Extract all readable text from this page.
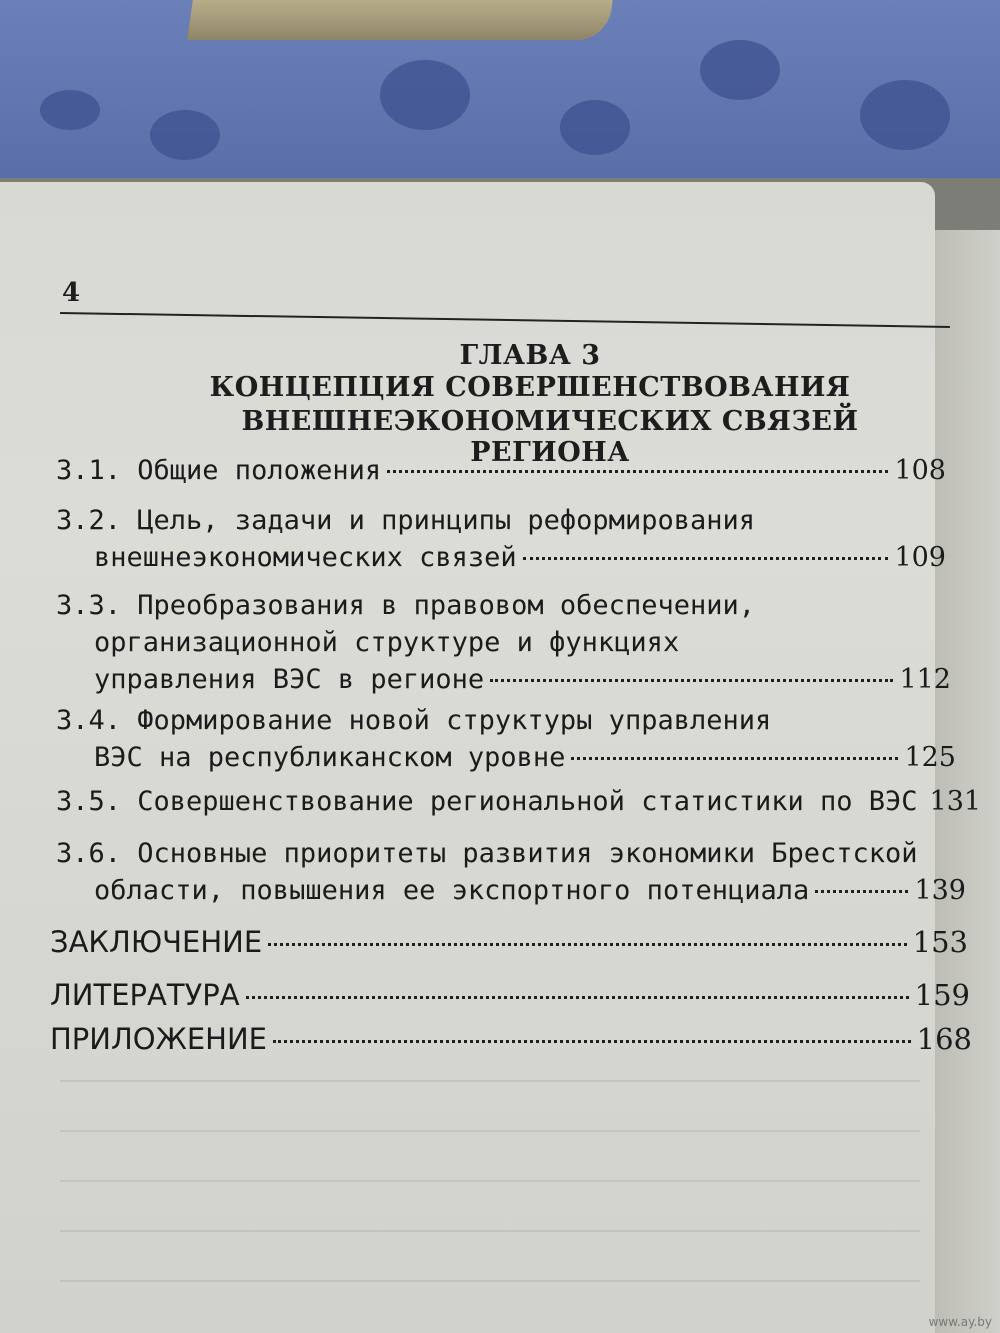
4
ГЛАВА 3
КОНЦЕПЦИЯ СОВЕРШЕНСТВОВАНИЯ
ВНЕШНЕЭКОНОМИЧЕСКИХ СВЯЗЕЙ РЕГИОНА
3.1. Общие положения	108
3.2. Цель, задачи и принципы реформирования
внешнеэкономических связей	109
3.3. Преобразования в правовом обеспечении,
организационной структуре и функциях
управления ВЭС в регионе	112
3.4. Формирование новой структуры управления
ВЭС на республиканском уровне	125
3.5. Совершенствование региональной статистики по ВЭС 131
3.6. Основные приоритеты развития экономики Брестской
области, повышения ее экспортного потенциала	139
ЗАКЛЮЧЕНИЕ	153
ЛИТЕРАТУРА	159
ПРИЛОЖЕНИЕ	168
www.ay.by
